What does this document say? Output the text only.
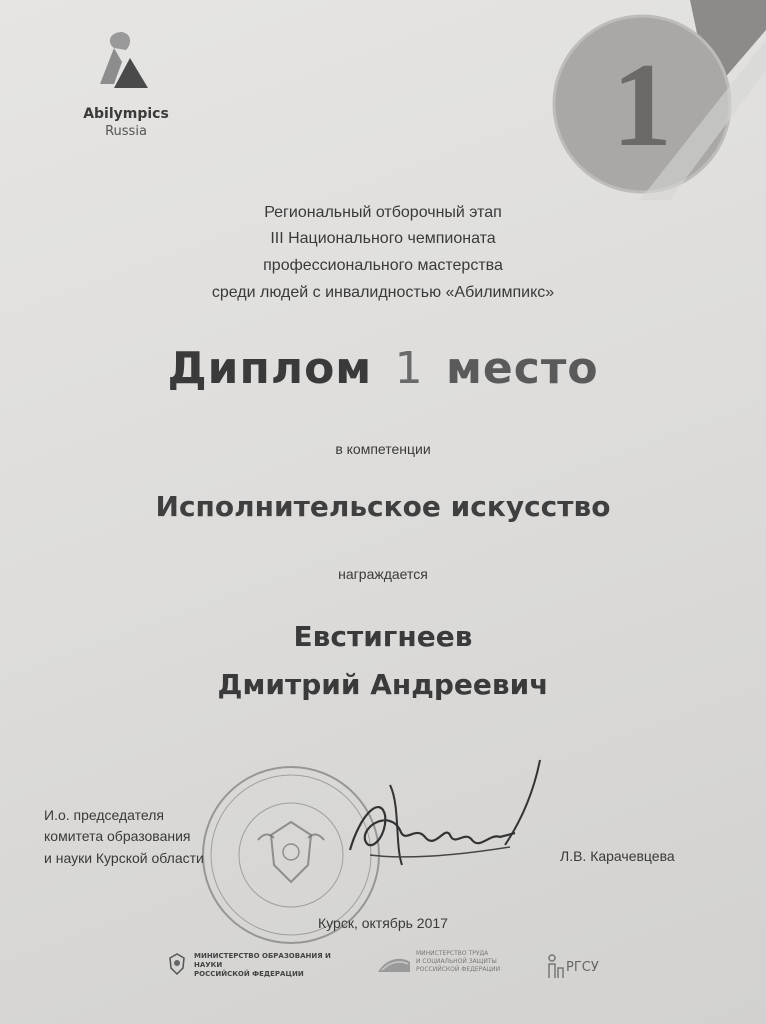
Abilympics
Russia	1
Региональный отборочный этап
III Национального чемпионата
профессионального мастерства
среди людей с инвалидностью «Абилимпикс»
Диплом 1 место
в компетенции
Исполнительское искусство
награждается
Евстигнеев
Дмитрий Андреевич
И.о. председателя
комитета образования
и науки Курской области	Л.В. Карачевцева
Курск, октябрь 2017
МИНИСТЕРСТВО ОБРАЗОВАНИЯ И НАУКИ
РОССИЙСКОЙ ФЕДЕРАЦИИ
МИНИСТЕРСТВО ТРУДА
И СОЦИАЛЬНОЙ ЗАЩИТЫ
РОССИЙСКОЙ ФЕДЕРАЦИИ	РГСУ
